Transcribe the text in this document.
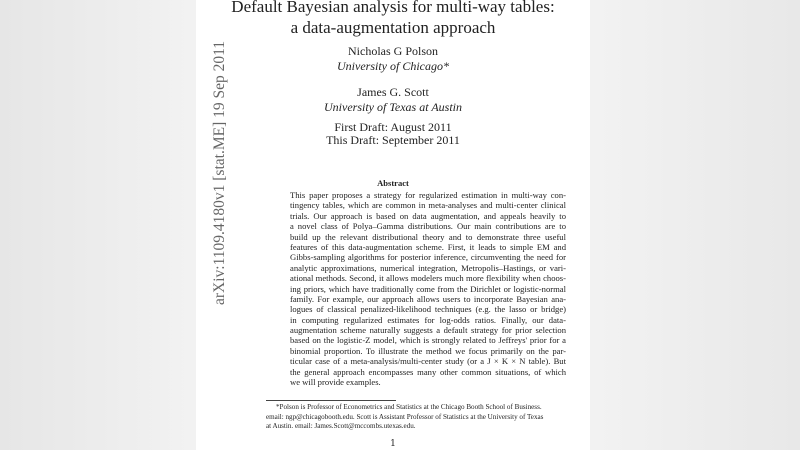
Default Bayesian analysis for multi-way tables:
a data-augmentation approach
Nicholas G Polson
University of Chicago*
James G. Scott
University of Texas at Austin
First Draft: August 2011
This Draft: September 2011
Abstract
This paper proposes a strategy for regularized estimation in multi-way con-
tingency tables, which are common in meta-analyses and multi-center clinical
trials. Our approach is based on data augmentation, and appeals heavily to
a novel class of Polya–Gamma distributions. Our main contributions are to
build up the relevant distributional theory and to demonstrate three useful
features of this data-augmentation scheme. First, it leads to simple EM and
Gibbs-sampling algorithms for posterior inference, circumventing the need for
analytic approximations, numerical integration, Metropolis–Hastings, or vari-
ational methods. Second, it allows modelers much more flexibility when choos-
ing priors, which have traditionally come from the Dirichlet or logistic-normal
family. For example, our approach allows users to incorporate Bayesian ana-
logues of classical penalized-likelihood techniques (e.g. the lasso or bridge)
in computing regularized estimates for log-odds ratios. Finally, our data-
augmentation scheme naturally suggests a default strategy for prior selection
based on the logistic-Z model, which is strongly related to Jeffreys' prior for a
binomial proportion. To illustrate the method we focus primarily on the par-
ticular case of a meta-analysis/multi-center study (or a J × K × N table). But
the general approach encompasses many other common situations, of which
we will provide examples.
*Polson is Professor of Econometrics and Statistics at the Chicago Booth School of Business.
email: ngp@chicagobooth.edu. Scott is Assistant Professor of Statistics at the University of Texas
at Austin. email: James.Scott@mccombs.utexas.edu.
1
arXiv:1109.4180v1 [stat.ME] 19 Sep 2011
